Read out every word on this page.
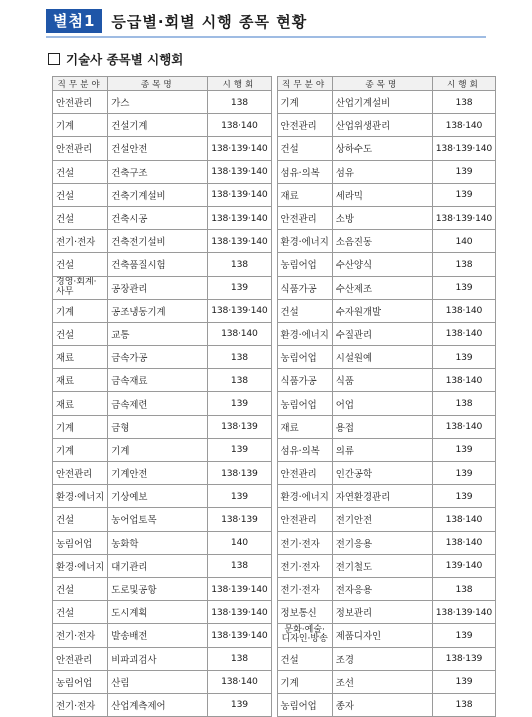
별첨1	등급별·회별 시행 종목 현황
기술사 종목별 시행회
직무분야	종목명	시행회
안전관리	가스	138
기계	건설기계	138·140
안전관리	건설안전	138·139·140
건설	건축구조	138·139·140
건설	건축기계설비	138·139·140
건설	건축시공	138·139·140
전기·전자	건축전기설비	138·139·140
건설	건축품질시험	138

경영·회계·
사무	공장관리	139
기계	공조냉동기계	138·139·140
건설	교통	138·140
재료	금속가공	138
재료	금속재료	138
재료	금속제련	139
기계	금형	138·139
기계	기계	139
안전관리	기계안전	138·139
환경·에너지	기상예보	139
건설	농어업토목	138·139
농림어업	농화학	140
환경·에너지	대기관리	138
건설	도로및공항	138·139·140
건설	도시계획	138·139·140
전기·전자	발송배전	138·139·140
안전관리	비파괴검사	138
농림어업	산림	138·140
전기·전자	산업계측제어	139
직무분야	종목명	시행회
기계	산업기계설비	138
안전관리	산업위생관리	138·140
건설	상하수도	138·139·140
섬유·의복	섬유	139
재료	세라믹	139
안전관리	소방	138·139·140
환경·에너지	소음진동	140
농림어업	수산양식	138
식품가공	수산제조	139
건설	수자원개발	138·140
환경·에너지	수질관리	138·140
농림어업	시설원예	139
식품가공	식품	138·140
농림어업	어업	138
재료	용접	138·140
섬유·의복	의류	139
안전관리	인간공학	139
환경·에너지	자연환경관리	139
안전관리	전기안전	138·140
전기·전자	전기응용	138·140
전기·전자	전기철도	139·140
전기·전자	전자응용	138
정보통신	정보관리	138·139·140

문화·예술·
디자인·방송	제품디자인	139
건설	조경	138·139
기계	조선	139
농림어업	종자	138
